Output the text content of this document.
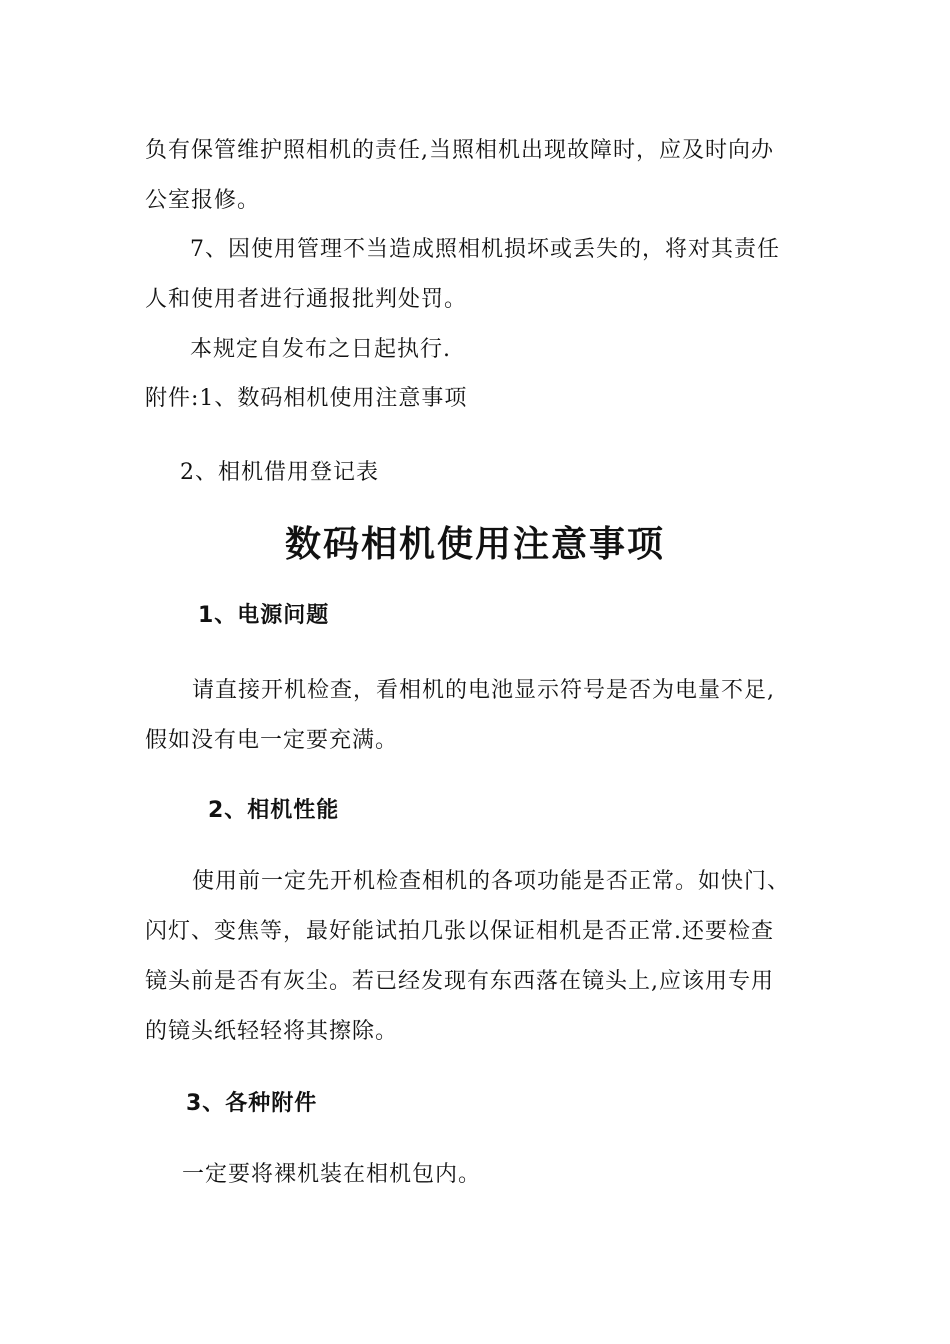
负有保管维护照相机的责任,当照相机出现故障时，应及时向办
公室报修。
7、因使用管理不当造成照相机损坏或丢失的，将对其责任
人和使用者进行通报批判处罚。
本规定自发布之日起执行.
附件:1、数码相机使用注意事项
2、相机借用登记表
数码相机使用注意事项
1、电源问题
请直接开机检查，看相机的电池显示符号是否为电量不足,
假如没有电一定要充满。
2、相机性能
使用前一定先开机检查相机的各项功能是否正常。如快门、
闪灯、变焦等，最好能试拍几张以保证相机是否正常.还要检查
镜头前是否有灰尘。若已经发现有东西落在镜头上,应该用专用
的镜头纸轻轻将其擦除。
3、各种附件
一定要将裸机装在相机包内。
